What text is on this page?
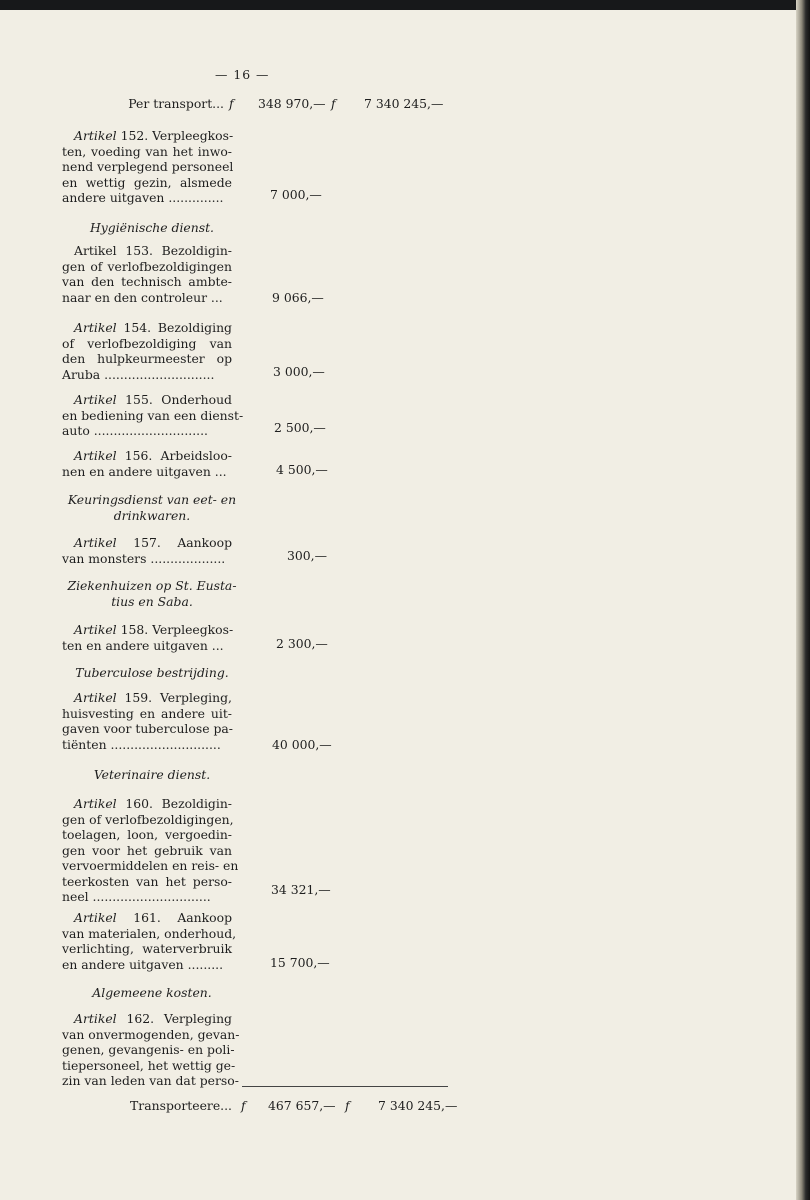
— 16 —
Per transport... f 348 970,— f 7 340 245,—
Artikel 152. Verpleegkos-
ten, voeding van het inwo-
nend verplegend personeel
en wettig gezin, alsmede
andere uitgaven ..............	7 000,—
Hygiënische dienst.
Artikel 153. Bezoldigin-
gen of verlofbezoldigingen
van den technisch ambte-
naar en den controleur ...	9 066,—
Artikel 154. Bezoldiging
of verlofbezoldiging van
den hulpkeurmeester op
Aruba ............................	3 000,—
Artikel 155. Onderhoud
en bediening van een dienst-
auto .............................	2 500,—
Artikel 156. Arbeidsloo-
nen en andere uitgaven ...	4 500,—
Keuringsdienst van eet- en
drinkwaren.
Artikel 157. Aankoop
van monsters ...................	300,—
Ziekenhuizen op St. Eusta-
tius en Saba.
Artikel 158. Verpleegkos-
ten en andere uitgaven ...	2 300,—
Tuberculose bestrijding.
Artikel 159. Verpleging,
huisvesting en andere uit-
gaven voor tuberculose pa-
tiënten ............................	40 000,—
Veterinaire dienst.
Artikel 160. Bezoldigin-
gen of verlofbezoldigingen,
toelagen, loon, vergoedin-
gen voor het gebruik van
vervoermiddelen en reis- en
teerkosten van het perso-
neel ..............................	34 321,—
Artikel 161. Aankoop
van materialen, onderhoud,
verlichting, waterverbruik
en andere uitgaven .........	15 700,—
Algemeene kosten.
Artikel 162. Verpleging
van onvermogenden, gevan-
genen, gevangenis- en poli-
tiepersoneel, het wettig ge-
zin van leden van dat perso-
Transporteere... f 467 657,— f 7 340 245,—
